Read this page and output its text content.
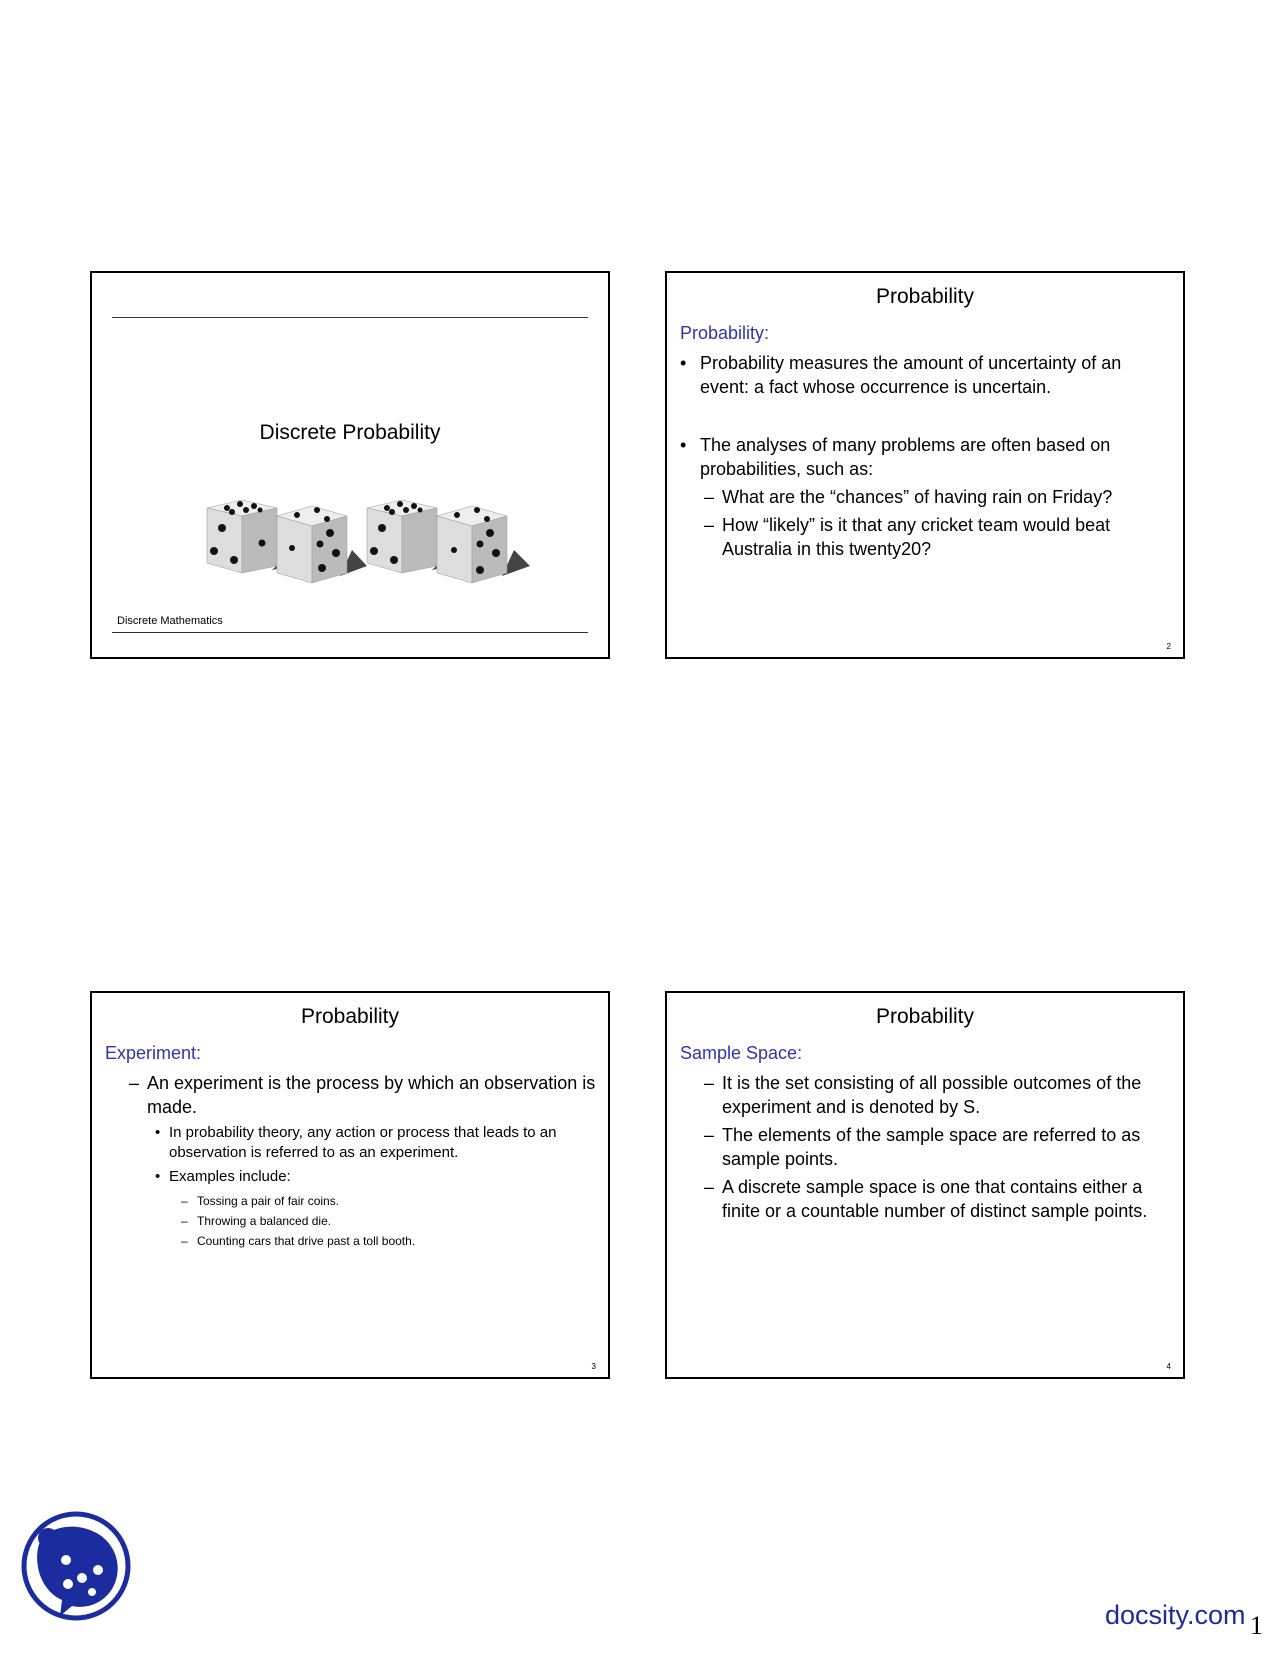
Discrete Probability
Discrete Mathematics
Probability
Probability:
• Probability measures the amount of uncertainty of an event: a fact whose occurrence is uncertain.
• The analyses of many problems are often based on probabilities, such as:
– What are the “chances” of having rain on Friday?
– How “likely” is it that any cricket team would beat Australia in this twenty20?
2
Probability
Experiment:
– An experiment is the process by which an observation is made.
• In probability theory, any action or process that leads to an observation is referred to as an experiment.
• Examples include:
– Tossing a pair of fair coins.
– Throwing a balanced die.
– Counting cars that drive past a toll booth.
3
Probability
Sample Space:
– It is the set consisting of all possible outcomes of the experiment and is denoted by S.
– The elements of the sample space are referred to as sample points.
– A discrete sample space is one that contains either a finite or a countable number of distinct sample points.
4
docsity.com 1
